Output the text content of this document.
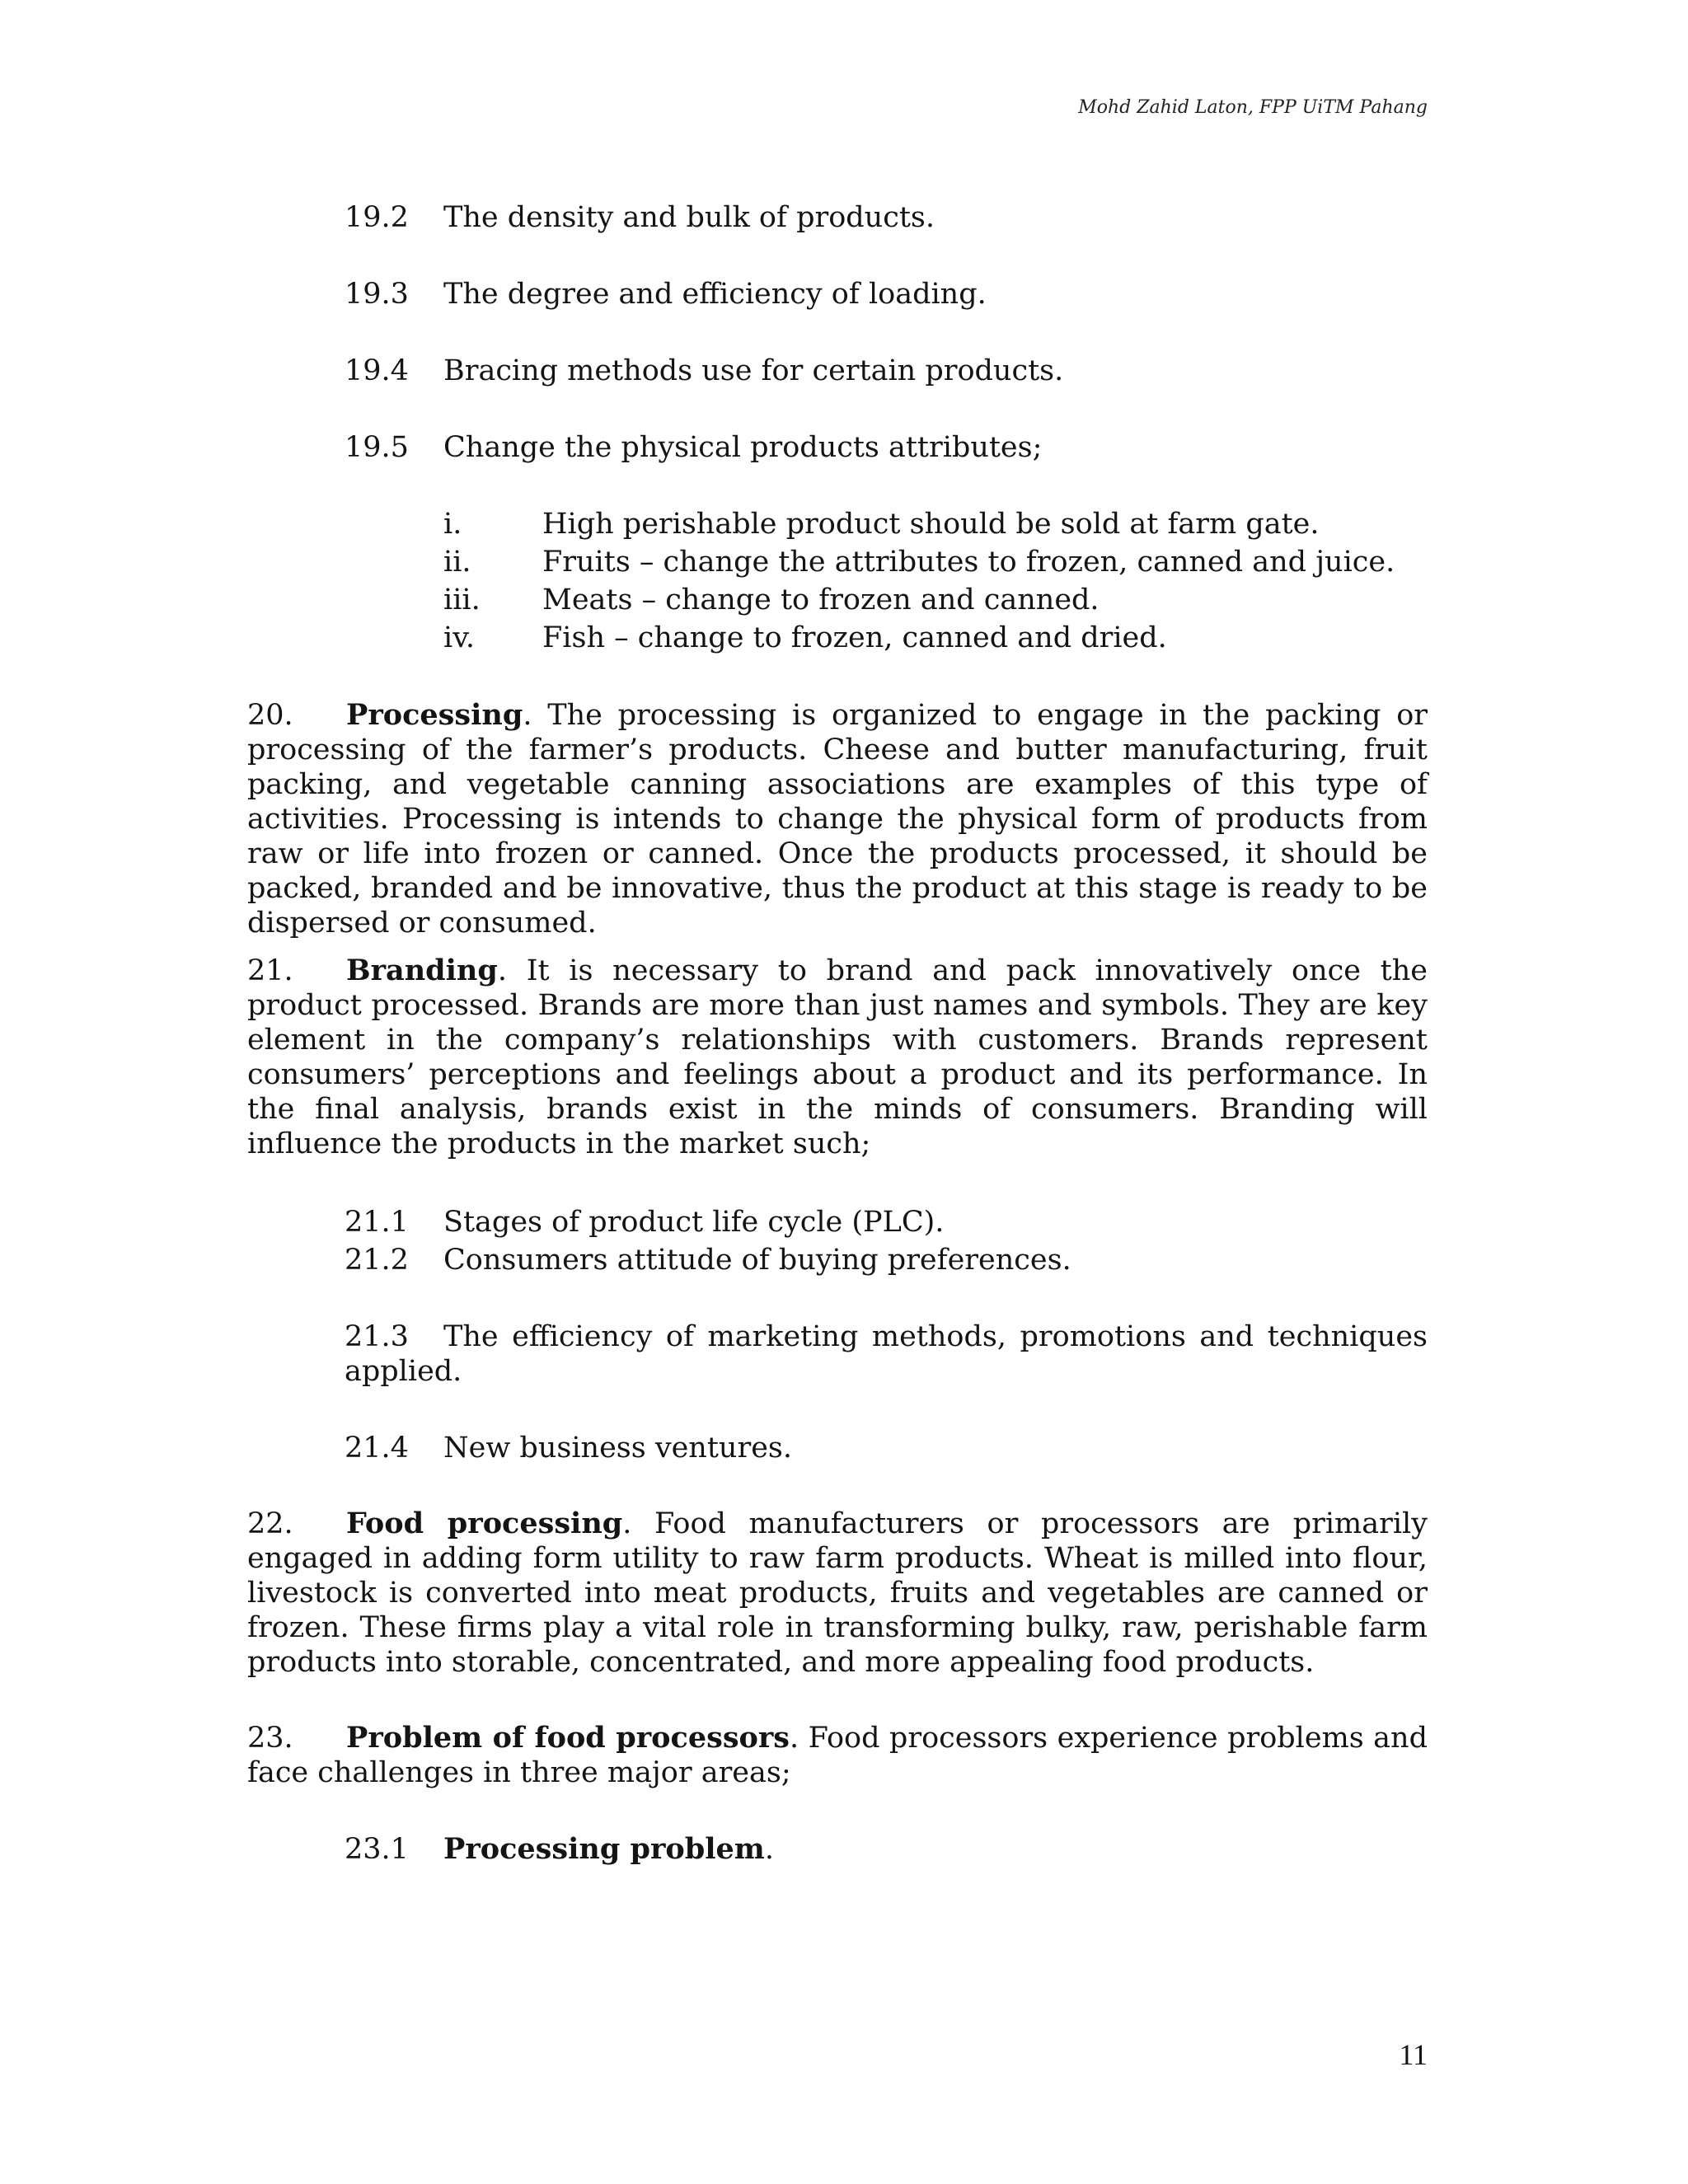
Mohd Zahid Laton, FPP UiTM Pahang
19.2 The density and bulk of products.
19.3 The degree and efficiency of loading.
19.4 Bracing methods use for certain products.
19.5 Change the physical products attributes;
i.	High perishable product should be sold at farm gate.
ii. Fruits – change the attributes to frozen, canned and juice.
iii. Meats – change to frozen and canned.
iv. Fish – change to frozen, canned and dried.
20. Processing. The processing is organized to engage in the packing or processing of the farmer’s products. Cheese and butter manufacturing, fruit packing, and vegetable canning associations are examples of this type of activities. Processing is intends to change the physical form of products from raw or life into frozen or canned. Once the products processed, it should be packed, branded and be innovative, thus the product at this stage is ready to be dispersed or consumed.
21. Branding. It is necessary to brand and pack innovatively once the product processed. Brands are more than just names and symbols. They are key element in the company’s relationships with customers. Brands represent consumers’ perceptions and feelings about a product and its performance. In the final analysis, brands exist in the minds of consumers. Branding will influence the products in the market such;
21.1 Stages of product life cycle (PLC).
21.2 Consumers attitude of buying preferences.
21.3 The efficiency of marketing methods, promotions and techniques applied.
21.4 New business ventures.
22. Food processing. Food manufacturers or processors are primarily engaged in adding form utility to raw farm products. Wheat is milled into flour, livestock is converted into meat products, fruits and vegetables are canned or frozen. These firms play a vital role in transforming bulky, raw, perishable farm products into storable, concentrated, and more appealing food products.
23. Problem of food processors. Food processors experience problems and face challenges in three major areas;
23.1 Processing problem.
11
